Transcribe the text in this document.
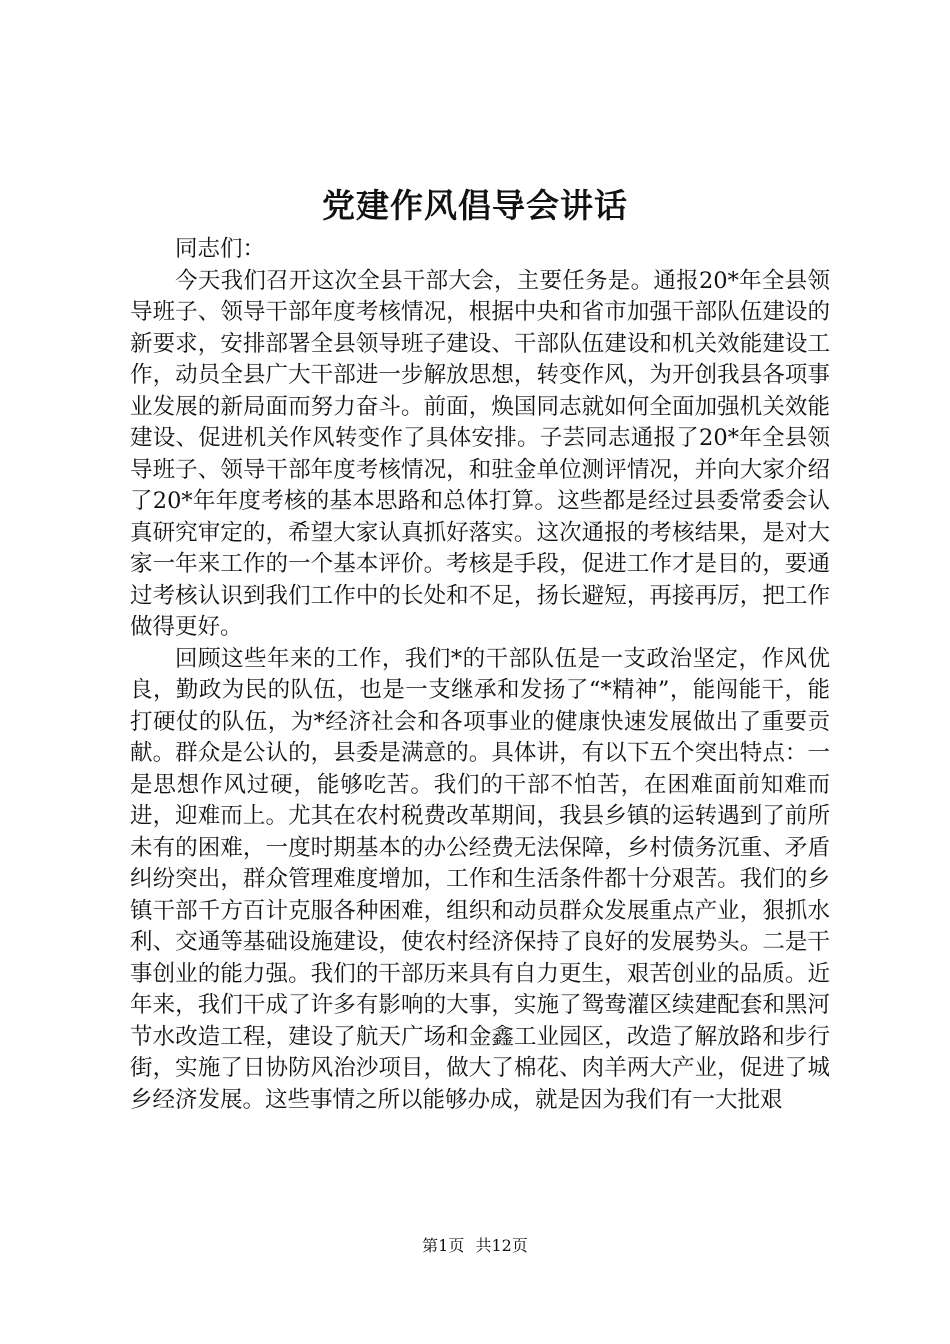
党建作风倡导会讲话

同志们：

今天我们召开这次全县干部大会，主要任务是。通报20*年全县领导班子、领导干部年度考核情况，根据中央和省市加强干部队伍建设的新要求，安排部署全县领导班子建设、干部队伍建设和机关效能建设工作，动员全县广大干部进一步解放思想，转变作风，为开创我县各项事业发展的新局面而努力奋斗。前面，焕国同志就如何全面加强机关效能建设、促进机关作风转变作了具体安排。子芸同志通报了20*年全县领导班子、领导干部年度考核情况，和驻金单位测评情况，并向大家介绍了20*年年度考核的基本思路和总体打算。这些都是经过县委常委会认真研究审定的，希望大家认真抓好落实。这次通报的考核结果，是对大家一年来工作的一个基本评价。考核是手段，促进工作才是目的，要通过考核认识到我们工作中的长处和不足，扬长避短，再接再厉，把工作做得更好。

回顾这些年来的工作，我们*的干部队伍是一支政治坚定，作风优良，勤政为民的队伍，也是一支继承和发扬了“*精神”，能闯能干，能打硬仗的队伍，为*经济社会和各项事业的健康快速发展做出了重要贡献。群众是公认的，县委是满意的。具体讲，有以下五个突出特点：一是思想作风过硬，能够吃苦。我们的干部不怕苦，在困难面前知难而进，迎难而上。尤其在农村税费改革期间，我县乡镇的运转遇到了前所未有的困难，一度时期基本的办公经费无法保障，乡村债务沉重、矛盾纠纷突出，群众管理难度增加，工作和生活条件都十分艰苦。我们的乡镇干部千方百计克服各种困难，组织和动员群众发展重点产业，狠抓水利、交通等基础设施建设，使农村经济保持了良好的发展势头。二是干事创业的能力强。我们的干部历来具有自力更生，艰苦创业的品质。近年来，我们干成了许多有影响的大事，实施了鸳鸯灌区续建配套和黑河节水改造工程，建设了航天广场和金鑫工业园区，改造了解放路和步行街，实施了日协防风治沙项目，做大了棉花、肉羊两大产业，促进了城乡经济发展。这些事情之所以能够办成，就是因为我们有一大批艰

第1页 共12页
